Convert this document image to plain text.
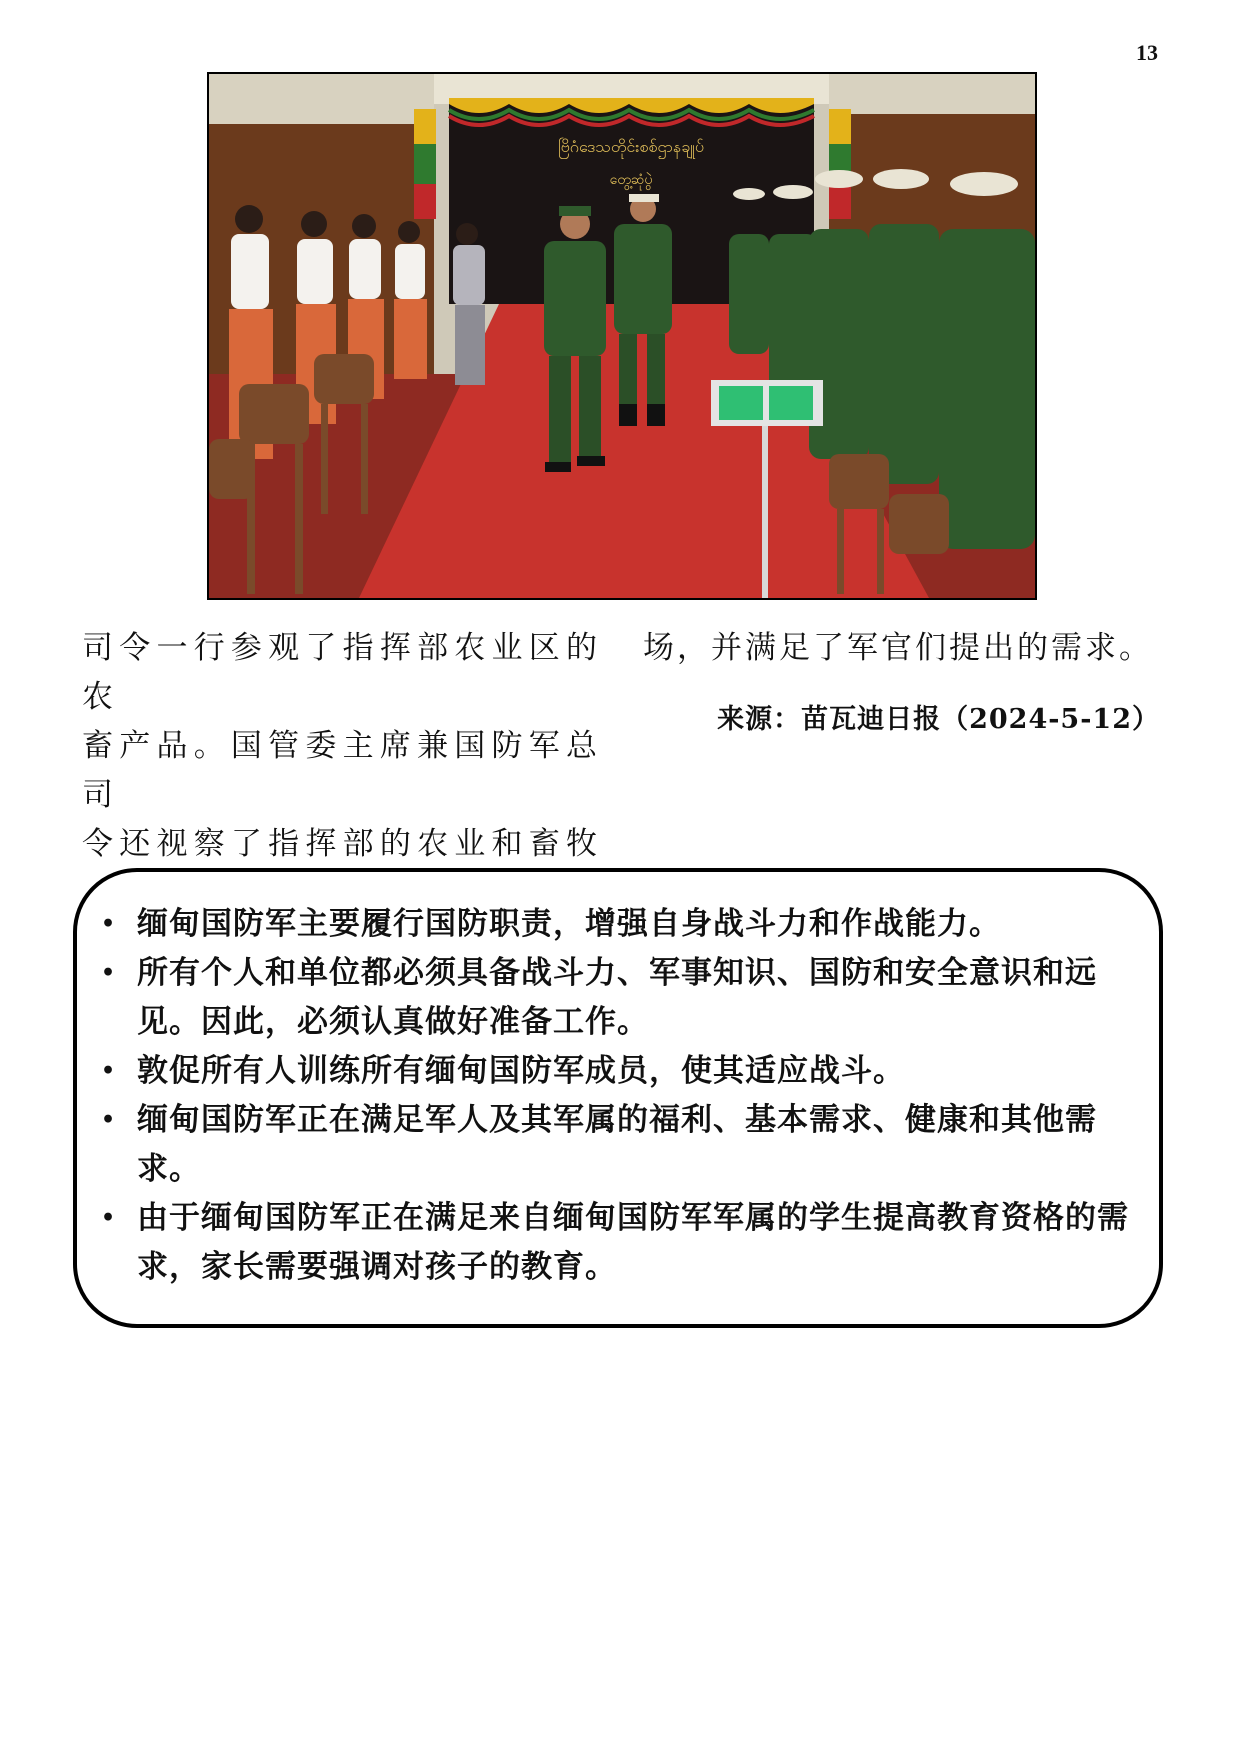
13
ဗြိဂံဒေသတိုင်းစစ်ဌာနချုပ်
တွေ့ဆုံပွဲ

司令一行参观了指挥部农业区的农

畜产品。国管委主席兼国防军总司

令还视察了指挥部的农业和畜牧

场，并满足了军官们提出的需求。
来源：苗瓦迪日报（2024-5-12）
• 缅甸国防军主要履行国防职责，增强自身战斗力和作战能力。
• 所有个人和单位都必须具备战斗力、军事知识、国防和安全意识和远见。因此，必须认真做好准备工作。
• 敦促所有人训练所有缅甸国防军成员，使其适应战斗。
• 缅甸国防军正在满足军人及其军属的福利、基本需求、健康和其他需求。
• 由于缅甸国防军正在满足来自缅甸国防军军属的学生提高教育资格的需求，家长需要强调对孩子的教育。
